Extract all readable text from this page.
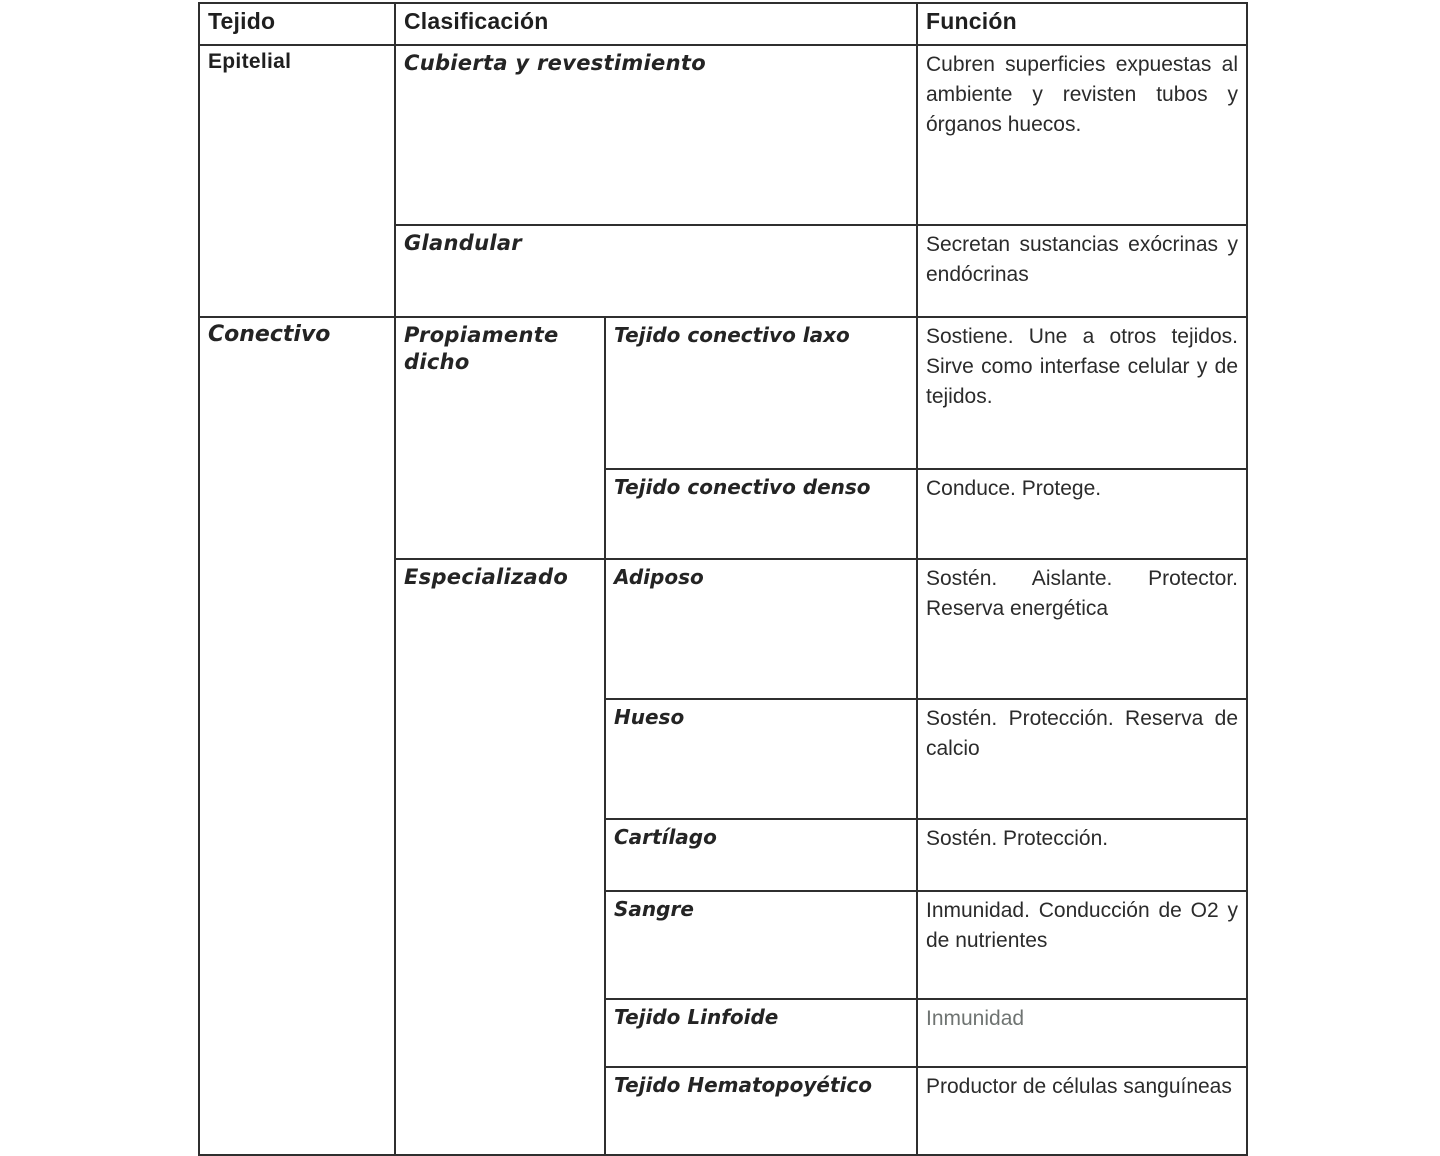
Tejido	Clasificación		Función
Epitelial	Cubierta y revestimiento		Cubren superficies expuestas al ambiente y revisten tubos y órganos huecos.
	Glandular		Secretan sustancias exócrinas y endócrinas
Conectivo	Propiamente dicho	Tejido conectivo laxo	Sostiene. Une a otros tejidos. Sirve como interfase celular y de tejidos.
		Tejido conectivo denso	Conduce. Protege.
	Especializado	Adiposo	Sostén. Aislante. Protector. Reserva energética
		Hueso	Sostén. Protección. Reserva de calcio
		Cartílago	Sostén. Protección.
		Sangre	Inmunidad. Conducción de O2 y de nutrientes
		Tejido Linfoide	Inmunidad
		Tejido Hematopoyético	Productor de células sanguíneas
